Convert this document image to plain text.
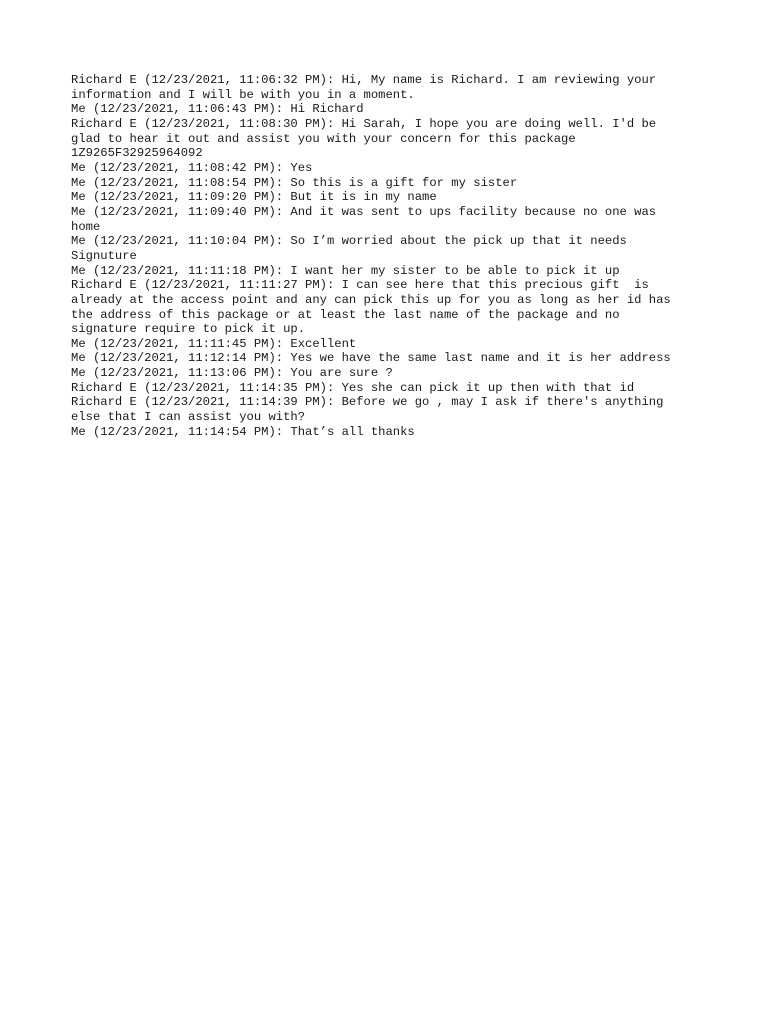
Richard E (12/23/2021, 11:06:32 PM): Hi, My name is Richard. I am reviewing your
information and I will be with you in a moment.
Me (12/23/2021, 11:06:43 PM): Hi Richard
Richard E (12/23/2021, 11:08:30 PM): Hi Sarah, I hope you are doing well. I'd be
glad to hear it out and assist you with your concern for this package
1Z9265F32925964092
Me (12/23/2021, 11:08:42 PM): Yes
Me (12/23/2021, 11:08:54 PM): So this is a gift for my sister
Me (12/23/2021, 11:09:20 PM): But it is in my name
Me (12/23/2021, 11:09:40 PM): And it was sent to ups facility because no one was
home
Me (12/23/2021, 11:10:04 PM): So I’m worried about the pick up that it needs
Signuture
Me (12/23/2021, 11:11:18 PM): I want her my sister to be able to pick it up
Richard E (12/23/2021, 11:11:27 PM): I can see here that this precious gift  is
already at the access point and any can pick this up for you as long as her id has
the address of this package or at least the last name of the package and no
signature require to pick it up.
Me (12/23/2021, 11:11:45 PM): Excellent
Me (12/23/2021, 11:12:14 PM): Yes we have the same last name and it is her address
Me (12/23/2021, 11:13:06 PM): You are sure ?
Richard E (12/23/2021, 11:14:35 PM): Yes she can pick it up then with that id
Richard E (12/23/2021, 11:14:39 PM): Before we go , may I ask if there's anything
else that I can assist you with?
Me (12/23/2021, 11:14:54 PM): That’s all thanks
